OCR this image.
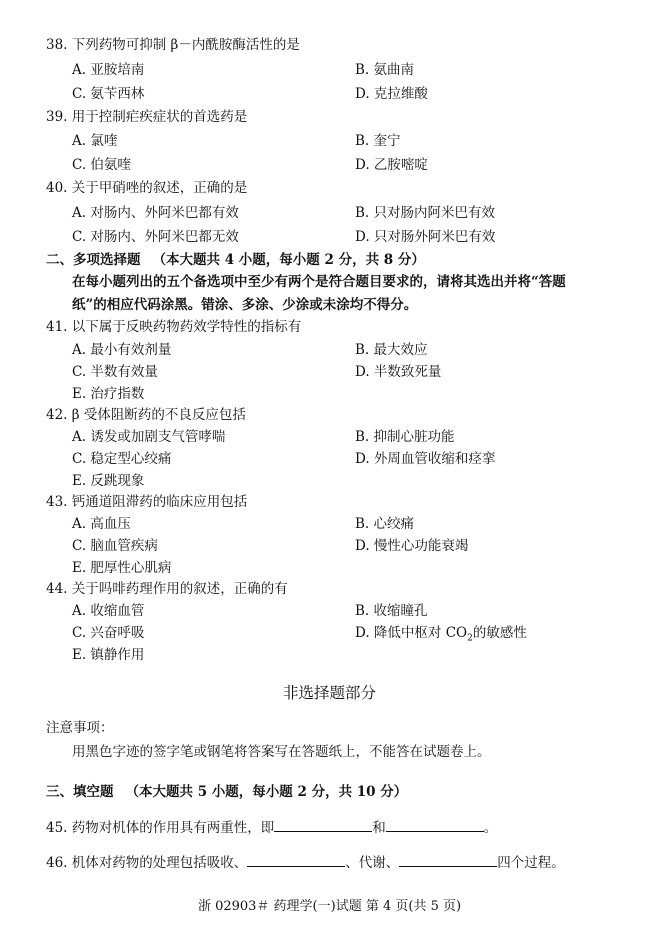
38. 下列药物可抑制 β－内酰胺酶活性的是
A. 亚胺培南	B. 氨曲南
C. 氨苄西林	D. 克拉维酸
39. 用于控制疟疾症状的首选药是
A. 氯喹	B. 奎宁
C. 伯氨喹	D. 乙胺嘧啶
40. 关于甲硝唑的叙述，正确的是
A. 对肠内、外阿米巴都有效	B. 只对肠内阿米巴有效
C. 对肠内、外阿米巴都无效	D. 只对肠外阿米巴有效
二、多项选择题 （本大题共 4 小题，每小题 2 分，共 8 分）
在每小题列出的五个备选项中至少有两个是符合题目要求的，请将其选出并将“答题
纸”的相应代码涂黑。错涂、多涂、少涂或未涂均不得分。
41. 以下属于反映药物药效学特性的指标有
A. 最小有效剂量	B. 最大效应
C. 半数有效量	D. 半数致死量
E. 治疗指数
42. β 受体阻断药的不良反应包括
A. 诱发或加剧支气管哮喘	B. 抑制心脏功能
C. 稳定型心绞痛	D. 外周血管收缩和痉挛
E. 反跳现象
43. 钙通道阻滞药的临床应用包括
A. 高血压	B. 心绞痛
C. 脑血管疾病	D. 慢性心功能衰竭
E. 肥厚性心肌病
44. 关于吗啡药理作用的叙述，正确的有
A. 收缩血管	B. 收缩瞳孔
C. 兴奋呼吸	D. 降低中枢对 $CO_2$的敏感性
E. 镇静作用
非选择题部分
注意事项：
用黑色字迹的签字笔或钢笔将答案写在答题纸上，不能答在试题卷上。
三、填空题 （本大题共 5 小题，每小题 2 分，共 10 分）
45. 药物对机体的作用具有两重性，即	和	。
46. 机体对药物的处理包括吸收、	、代谢、	四个过程。
浙 02903＃ 药理学(一)试题 第 4 页(共 5 页)
